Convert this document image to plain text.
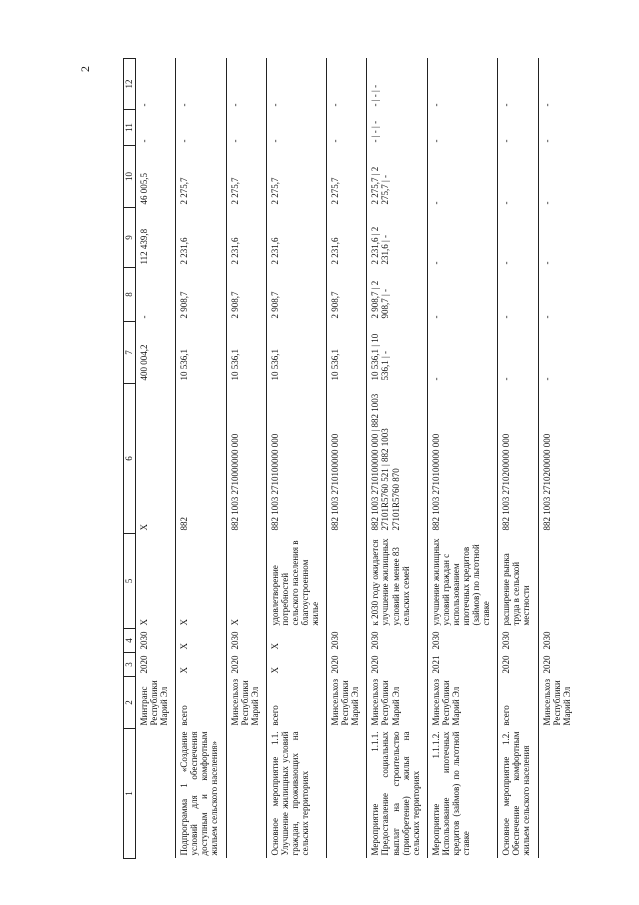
2
1	2	3	4	5	6	7	8	9	10	11	12
	Минтранс Республики Марий Эл	2020	2030	X	X	400 004,2	-	112 439,8	46 005,5	-	-
Подпрограмма 1 «Создание условий для обеспечения доступным и комфортным жильем сельского населения»	всего	X	X	X	882	10 536,1	2 908,7	2 231,6	2 275,7	-	-
	Минсельхоз Республики Марий Эл	2020	2030	X	882 1003 2710000000 000	10 536,1	2 908,7	2 231,6	2 275,7	-	-
Основное мероприятие 1.1. Улучшение жилищных условий граждан, проживающих на сельских территориях	всего	X	X	удовлетворение потребностей сельского населения в благоустроенном жилье	882 1003 2710100000 000	10 536,1	2 908,7	2 231,6	2 275,7	-	-
	Минсельхоз Республики Марий Эл	2020	2030		882 1003 2710100000 000	10 536,1	2 908,7	2 231,6	2 275,7	-	-
Мероприятие 1.1.1. Предоставление социальных выплат на строительство (приобретение) жилья на сельских территориях	Минсельхоз Республики Марий Эл	2020	2030	к 2030 году ожидается улучшение жилищных условий не менее 83 сельских семей	882 1003 2710100000 000 | 882 1003 27101R5760 521 | 882 1003 27101R5760 870	10 536,1 | 10 536,1 | -	2 908,7 | 2 908,7 | -	2 231,6 | 2 231,6 | -	2 275,7 | 2 275,7 | -	- | - | -	- | - | -
Мероприятие 1.1.1.2. Использование ипотечных кредитов (займов) по льготной ставке	Минсельхоз Республики Марий Эл	2021	2030	улучшение жилищных условий граждан с использованием ипотечных кредитов (займов) по льготной ставке	882 1003 2710100000 000	-	-	-	-	-	-
Основное мероприятие 1.2. Обеспечение комфортным жильем сельского населения	всего	2020	2030	расширение рынка труда в сельской местности	882 1003 2710200000 000	-	-	-	-	-	-
	Минсельхоз Республики Марий Эл	2020	2030		882 1003 2710200000 000	-	-	-	-	-	-
